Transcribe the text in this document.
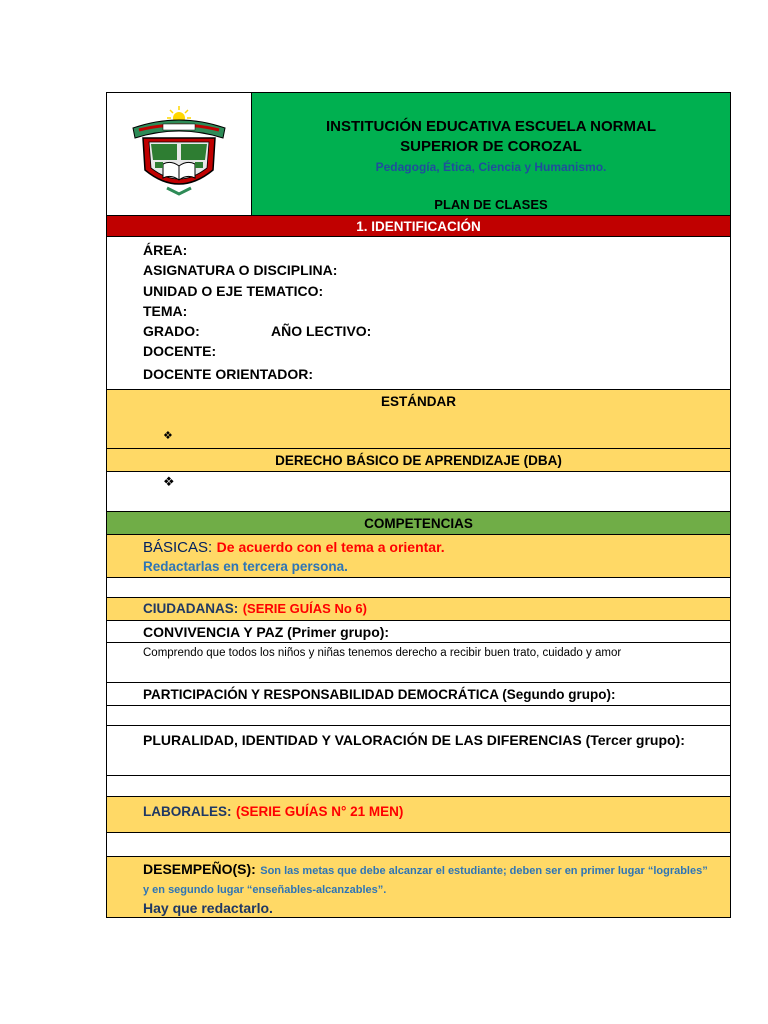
INSTITUCIÓN EDUCATIVA ESCUELA NORMAL
SUPERIOR DE COROZAL
Pedagogía, Ética, Ciencia y Humanismo.
PLAN DE CLASES

1. IDENTIFICACIÓN

ÁREA:
ASIGNATURA O DISCIPLINA:
UNIDAD O EJE TEMATICO:
TEMA:
GRADO:	AÑO LECTIVO:
DOCENTE:
DOCENTE ORIENTADOR:

ESTÁNDAR
❖

DERECHO BÁSICO DE APRENDIZAJE (DBA)

❖

COMPETENCIAS

BÁSICAS: De acuerdo con el tema a orientar.
Redactarlas en tercera persona.

CIUDADANAS: (SERIE GUÍAS No 6)
CONVIVENCIA Y PAZ (Primer grupo):

Comprendo que todos los niños y niñas tenemos derecho a recibir buen trato, cuidado y amor

PARTICIPACIÓN Y RESPONSABILIDAD DEMOCRÁTICA (Segundo grupo):

PLURALIDAD, IDENTIDAD Y VALORACIÓN DE LAS DIFERENCIAS (Tercer grupo):

LABORALES: (SERIE GUÍAS N° 21 MEN)

DESEMPEÑO(S): Son las metas que debe alcanzar el estudiante; deben ser en primer lugar “logrables” y en segundo lugar “enseñables-alcanzables”.
Hay que redactarlo.
